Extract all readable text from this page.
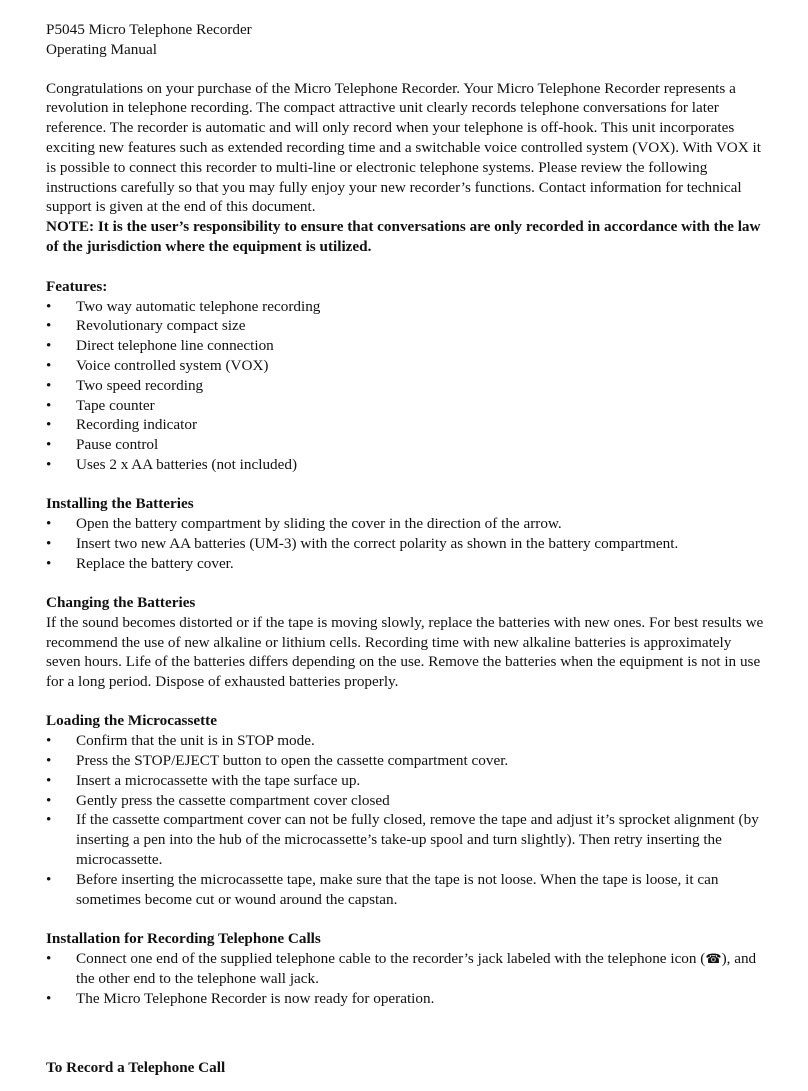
P5045 Micro Telephone Recorder
Operating Manual

Congratulations on your purchase of the Micro Telephone Recorder. Your Micro Telephone Recorder represents a revolution in telephone recording. The compact attractive unit clearly records telephone conversations for later reference. The recorder is automatic and will only record when your telephone is off-hook. This unit incorporates exciting new features such as extended recording time and a switchable voice controlled system (VOX). With VOX it is possible to connect this recorder to multi-line or electronic telephone systems. Please review the following instructions carefully so that you may fully enjoy your new recorder’s functions. Contact information for technical support is given at the end of this document.

NOTE: It is the user’s responsibility to ensure that conversations are only recorded in accordance with the law of the jurisdiction where the equipment is utilized.

Features:
• Two way automatic telephone recording
• Revolutionary compact size
• Direct telephone line connection
• Voice controlled system (VOX)
• Two speed recording
• Tape counter
• Recording indicator
• Pause control
• Uses 2 x AA batteries (not included)
Installing the Batteries
• Open the battery compartment by sliding the cover in the direction of the arrow.
• Insert two new AA batteries (UM-3) with the correct polarity as shown in the battery compartment.
• Replace the battery cover.
Changing the Batteries

If the sound becomes distorted or if the tape is moving slowly, replace the batteries with new ones. For best results we recommend the use of new alkaline or lithium cells. Recording time with new alkaline batteries is approximately seven hours. Life of the batteries differs depending on the use. Remove the batteries when the equipment is not in use for a long period. Dispose of exhausted batteries properly.

Loading the Microcassette
• Confirm that the unit is in STOP mode.
• Press the STOP/EJECT button to open the cassette compartment cover.
• Insert a microcassette with the tape surface up.
• Gently press the cassette compartment cover closed
• If the cassette compartment cover can not be fully closed, remove the tape and adjust it’s sprocket alignment (by inserting a pen into the hub of the microcassette’s take-up spool and turn slightly). Then retry inserting the microcassette.
• Before inserting the microcassette tape, make sure that the tape is not loose. When the tape is loose, it can sometimes become cut or wound around the capstan.
Installation for Recording Telephone Calls
• Connect one end of the supplied telephone cable to the recorder’s jack labeled with the telephone icon (☎), and the other end to the telephone wall jack.
• The Micro Telephone Recorder is now ready for operation.
To Record a Telephone Call
